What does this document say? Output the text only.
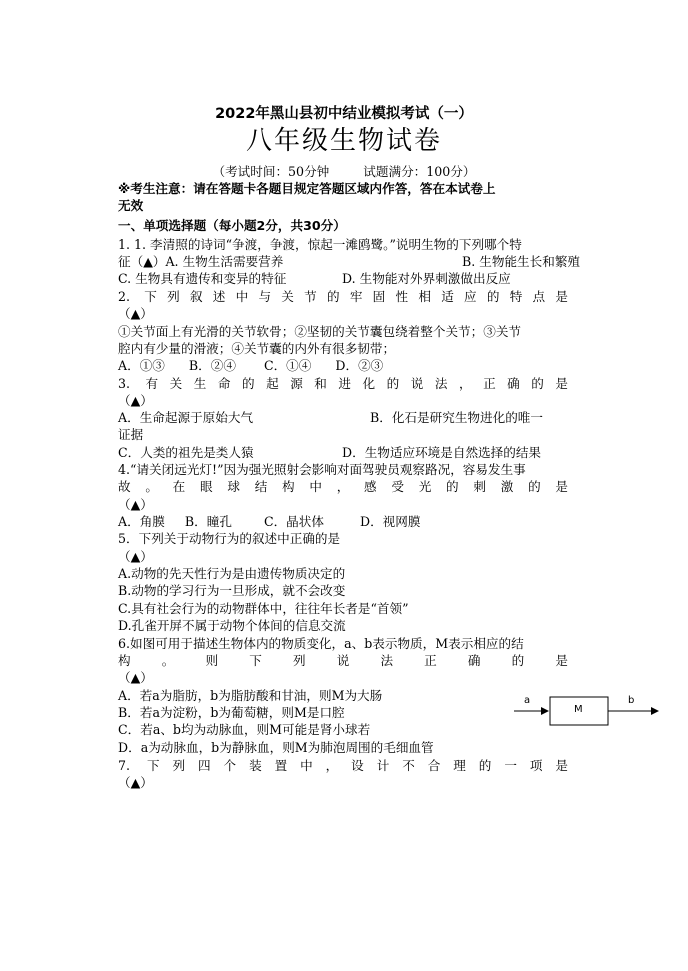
2022年黑山县初中结业模拟考试（一）
八年级生物试卷
（考试时间：50分钟	试题满分：100分）
※考生注意：请在答题卡各题目规定答题区域内作答，答在本试卷上
无效
一、单项选择题（每小题2分，共30分）
1. 1. 李清照的诗词“争渡，争渡，惊起一滩鸥鹭。”说明生物的下列哪个特
征（▲）A. 生物生活需要营养	B. 生物能生长和繁殖
C. 生物具有遗传和变异的特征	D. 生物能对外界刺激做出反应
2. 下列叙述中与关节的牢固性相适应的特点是
（▲）
①关节面上有光滑的关节软骨；②坚韧的关节囊包绕着整个关节；③关节
腔内有少量的滑液；④关节囊的内外有很多韧带；
A．①③      B．②④       C．①④      D．②③
3. 有关生命的起源和进化的说法，正确的是
（▲）
A．生命起源于原始大气	B．化石是研究生物进化的唯一
证据
C．人类的祖先是类人猿	D．生物适应环境是自然选择的结果
4.“请关闭远光灯!”因为强光照射会影响对面驾驶员观察路况，容易发生事
故。在眼球结构中，感受光的刺激的是
（▲）
A．角膜     B．瞳孔        C．晶状体         D．视网膜
5．下列关于动物行为的叙述中正确的是
（▲）
A.动物的先天性行为是由遗传物质决定的
B.动物的学习行为一旦形成，就不会改变
C.具有社会行为的动物群体中，往往年长者是“首领”
D.孔雀开屏不属于动物个体间的信息交流
6.如图可用于描述生物体内的物质变化，a、b表示物质，M表示相应的结
构。则下列说法正确的是
（▲）
A．若a为脂肪，b为脂肪酸和甘油，则M为大肠
B．若a为淀粉，b为葡萄糖，则M是口腔
C．若a、b均为动脉血，则M可能是肾小球若
D．a为动脉血，b为静脉血，则M为肺泡周围的毛细血管
a
M
b
7. 下列四个装置中，设计不合理的一项是
（▲）
